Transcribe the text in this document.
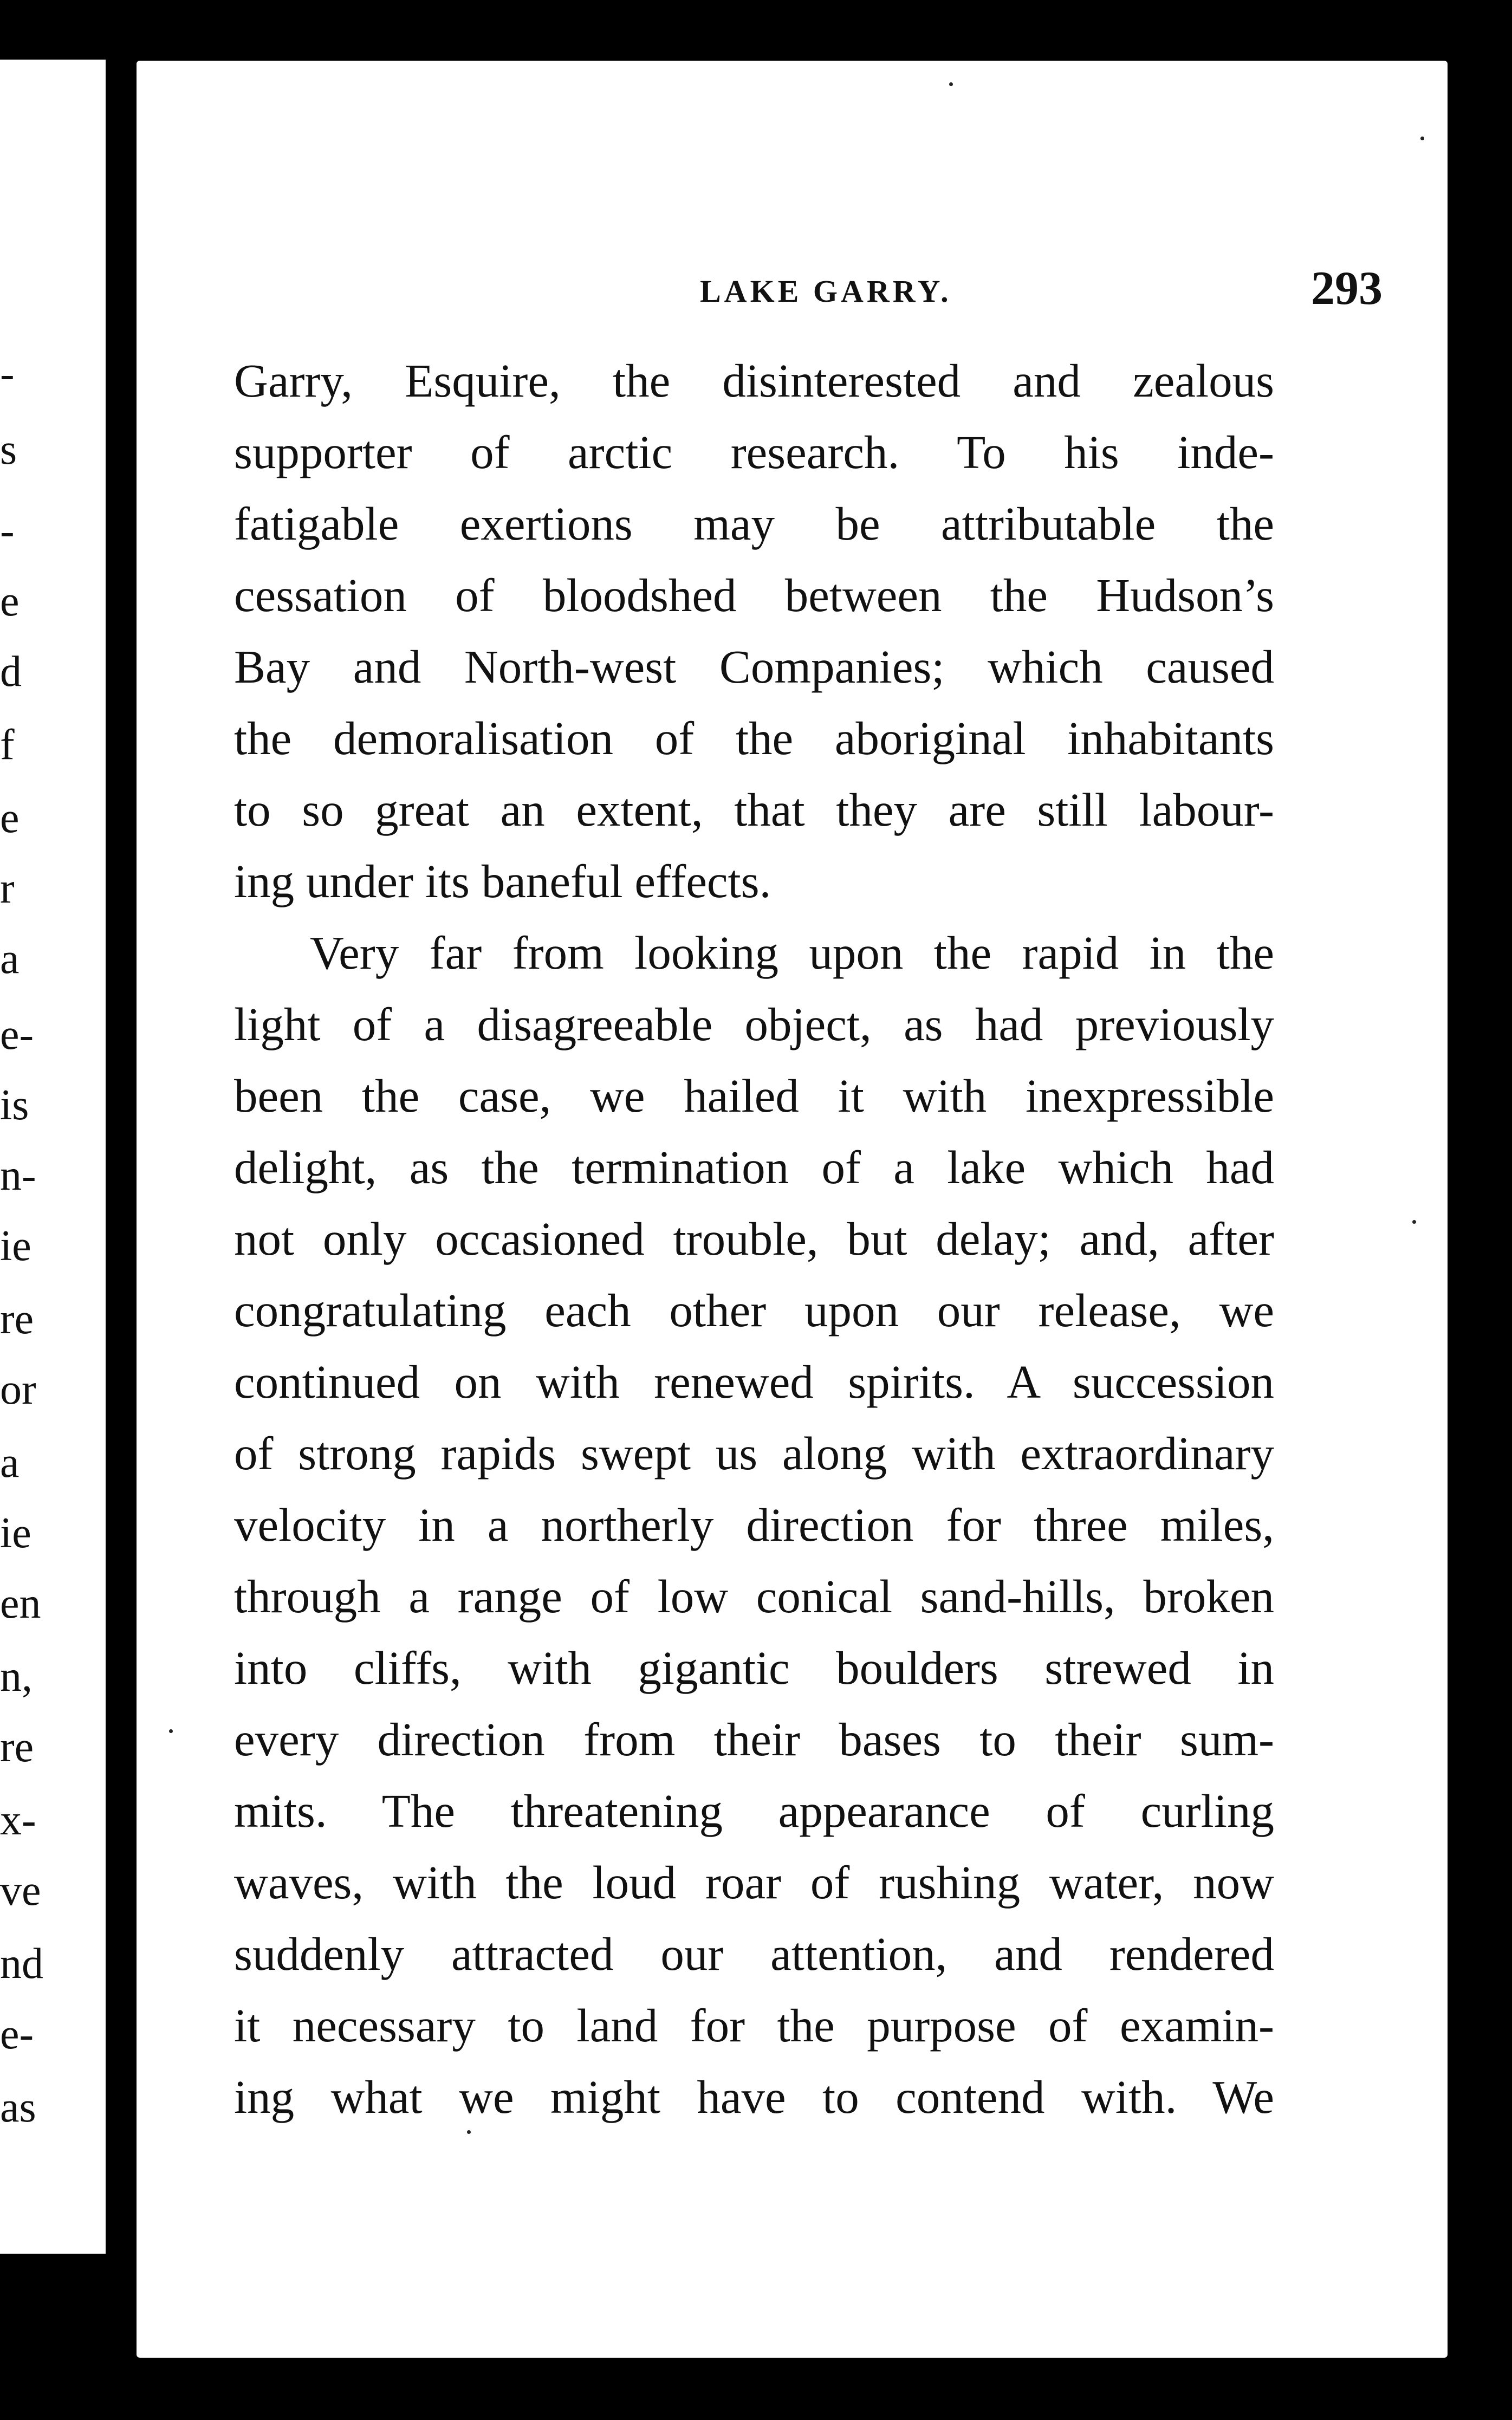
-
s
-
e
d
f
e
r
a
e-
is
n-
ie
re
or
a
ie
en
n,
re
x-
ve
nd
e-
as
LAKE GARRY.	293
Garry, Esquire, the disinterested and zealous
supporter of arctic research. To his inde-
fatigable exertions may be attributable the
cessation of bloodshed between the Hudson’s
Bay and North-west Companies; which caused
the demoralisation of the aboriginal inhabitants
to so great an extent, that they are still labour-
ing under its baneful effects.
Very far from looking upon the rapid in the
light of a disagreeable object, as had previously
been the case, we hailed it with inexpressible
delight, as the termination of a lake which had
not only occasioned trouble, but delay; and, after
congratulating each other upon our release, we
continued on with renewed spirits. A succession
of strong rapids swept us along with extraordinary
velocity in a northerly direction for three miles,
through a range of low conical sand-hills, broken
into cliffs, with gigantic boulders strewed in
every direction from their bases to their sum-
mits. The threatening appearance of curling
waves, with the loud roar of rushing water, now
suddenly attracted our attention, and rendered
it necessary to land for the purpose of examin-
ing what we might have to contend with. We
